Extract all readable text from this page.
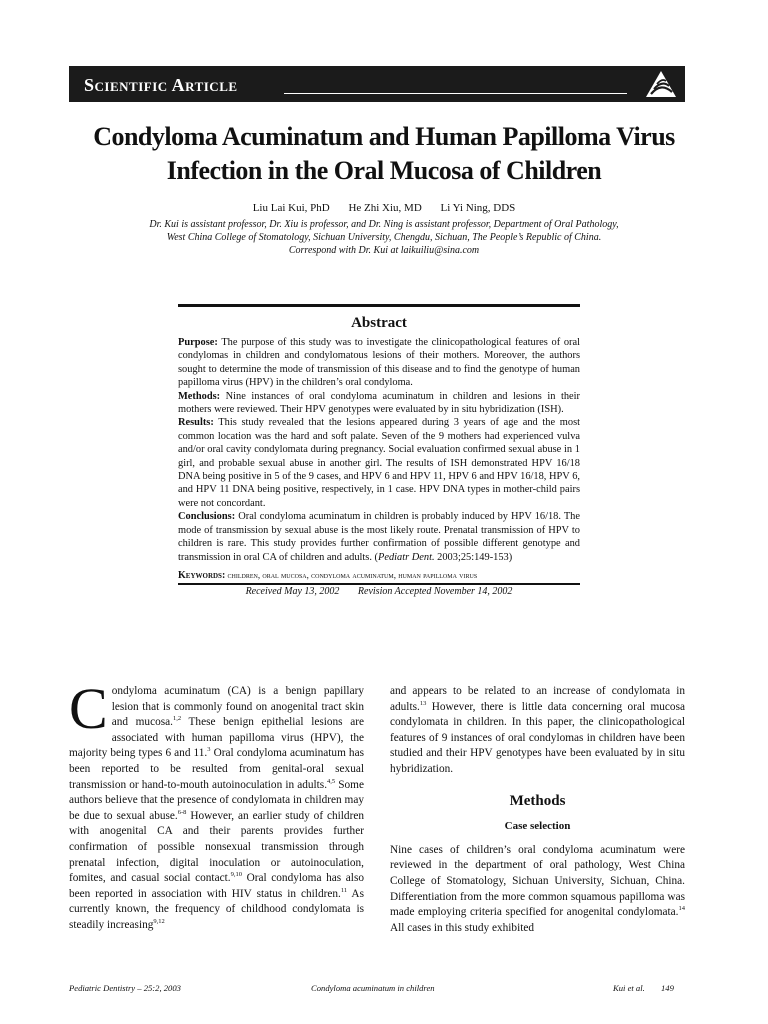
Scientific Article
Condyloma Acuminatum and Human Papilloma Virus Infection in the Oral Mucosa of Children
Liu Lai Kui, PhD He Zhi Xiu, MD Li Yi Ning, DDS
Dr. Kui is assistant professor, Dr. Xiu is professor, and Dr. Ning is assistant professor, Department of Oral Pathology,
West China College of Stomatology, Sichuan University, Chengdu, Sichuan, The People’s Republic of China.
Correspond with Dr. Kui at laikuiliu@sina.com
Abstract

Purpose: The purpose of this study was to investigate the clinicopathological features of oral condylomas in children and condylomatous lesions of their mothers. Moreover, the authors sought to determine the mode of transmission of this disease and to find the genotype of human papilloma virus (HPV) in the children’s oral condyloma.

Methods: Nine instances of oral condyloma acuminatum in children and lesions in their mothers were reviewed. Their HPV genotypes were evaluated by in situ hybridization (ISH).

Results: This study revealed that the lesions appeared during 3 years of age and the most common location was the hard and soft palate. Seven of the 9 mothers had experienced vulva and/or oral cavity condylomata during pregnancy. Social evaluation confirmed sexual abuse in 1 girl, and probable sexual abuse in another girl. The results of ISH demonstrated HPV 16/18 DNA being positive in 5 of the 9 cases, and HPV 6 and HPV 11, HPV 6 and HPV 16/18, HPV 6, and HPV 11 DNA being positive, respectively, in 1 case. HPV DNA types in mother-child pairs were not concordant.

Conclusions: Oral condyloma acuminatum in children is probably induced by HPV 16/18. The mode of transmission by sexual abuse is the most likely route. Prenatal transmission of HPV to children is rare. This study provides further confirmation of possible different genotype and transmission in oral CA of children and adults. (Pediatr Dent. 2003;25:149-153)

Keywords: children, oral mucosa, condyloma acuminatum, human papilloma virus
Received May 13, 2002 Revision Accepted November 14, 2002

Condyloma acuminatum (CA) is a benign papillary lesion that is commonly found on anogenital tract skin and mucosa.$^{1,2}$ These benign epithelial lesions are associated with human papilloma virus (HPV), the majority being types 6 and 11.$^3$ Oral condyloma acuminatum has been reported to be resulted from genital-oral sexual transmission or hand-to-mouth autoinoculation in adults.$^{4,5}$ Some authors believe that the presence of condylomata in children may be due to sexual abuse.$^{6-8}$ However, an earlier study of children with anogenital CA and their parents provides further confirmation of possible nonsexual transmission through prenatal infection, digital inoculation or autoinoculation, fomites, and casual social contact.$^{9,10}$ Oral condyloma has also been reported in association with HIV status in children.$^{11}$ As currently known, the frequency of childhood condylomata is steadily increasing$^{9,12}$

and appears to be related to an increase of condylomata in adults.$^{13}$ However, there is little data concerning oral mucosa condylomata in children. In this paper, the clinicopathological features of 9 instances of oral condylomas in children have been studied and their HPV genotypes have been evaluated by in situ hybridization.

Methods
Case selection

Nine cases of children’s oral condyloma acuminatum were reviewed in the department of oral pathology, West China College of Stomatology, Sichuan University, Sichuan, China. Differentiation from the more common squamous papilloma was made employing criteria specified for anogenital condylomata.$^{14}$ All cases in this study exhibited

Pediatric Dentistry – 25:2, 2003	Condyloma acuminatum in children	Kui et al. 149
